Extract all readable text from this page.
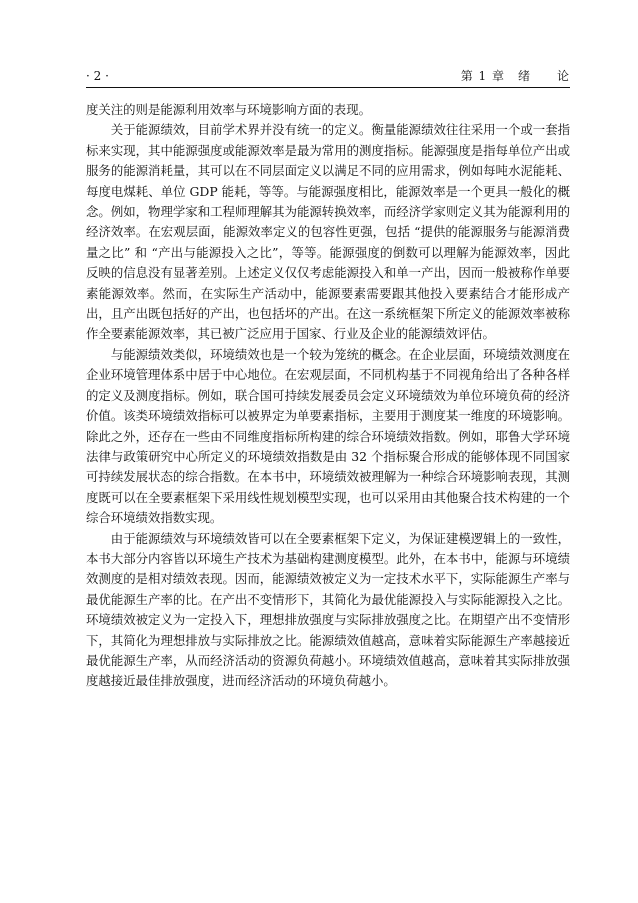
· 2 ·	第 1 章　绪　　论

度关注的则是能源利用效率与环境影响方面的表现。

关于能源绩效，目前学术界并没有统一的定义。衡量能源绩效往往采用一个或一套指标来实现，其中能源强度或能源效率是最为常用的测度指标。能源强度是指每单位产出或服务的能源消耗量，其可以在不同层面定义以满足不同的应用需求，例如每吨水泥能耗、每度电煤耗、单位 GDP 能耗，等等。与能源强度相比，能源效率是一个更具一般化的概念。例如，物理学家和工程师理解其为能源转换效率，而经济学家则定义其为能源利用的经济效率。在宏观层面，能源效率定义的包容性更强，包括 “提供的能源服务与能源消费量之比” 和 “产出与能源投入之比”，等等。能源强度的倒数可以理解为能源效率，因此反映的信息没有显著差别。上述定义仅仅考虑能源投入和单一产出，因而一般被称作单要素能源效率。然而，在实际生产活动中，能源要素需要跟其他投入要素结合才能形成产出，且产出既包括好的产出，也包括坏的产出。在这一系统框架下所定义的能源效率被称作全要素能源效率，其已被广泛应用于国家、行业及企业的能源绩效评估。

与能源绩效类似，环境绩效也是一个较为笼统的概念。在企业层面，环境绩效测度在企业环境管理体系中居于中心地位。在宏观层面，不同机构基于不同视角给出了各种各样的定义及测度指标。例如，联合国可持续发展委员会定义环境绩效为单位环境负荷的经济价值。该类环境绩效指标可以被界定为单要素指标，主要用于测度某一维度的环境影响。除此之外，还存在一些由不同维度指标所构建的综合环境绩效指数。例如，耶鲁大学环境法律与政策研究中心所定义的环境绩效指数是由 32 个指标聚合形成的能够体现不同国家可持续发展状态的综合指数。在本书中，环境绩效被理解为一种综合环境影响表现，其测度既可以在全要素框架下采用线性规划模型实现，也可以采用由其他聚合技术构建的一个综合环境绩效指数实现。

由于能源绩效与环境绩效皆可以在全要素框架下定义，为保证建模逻辑上的一致性，本书大部分内容皆以环境生产技术为基础构建测度模型。此外，在本书中，能源与环境绩效测度的是相对绩效表现。因而，能源绩效被定义为一定技术水平下，实际能源生产率与最优能源生产率的比。在产出不变情形下，其简化为最优能源投入与实际能源投入之比。环境绩效被定义为一定投入下，理想排放强度与实际排放强度之比。在期望产出不变情形下，其简化为理想排放与实际排放之比。能源绩效值越高，意味着实际能源生产率越接近最优能源生产率，从而经济活动的资源负荷越小。环境绩效值越高，意味着其实际排放强度越接近最佳排放强度，进而经济活动的环境负荷越小。
